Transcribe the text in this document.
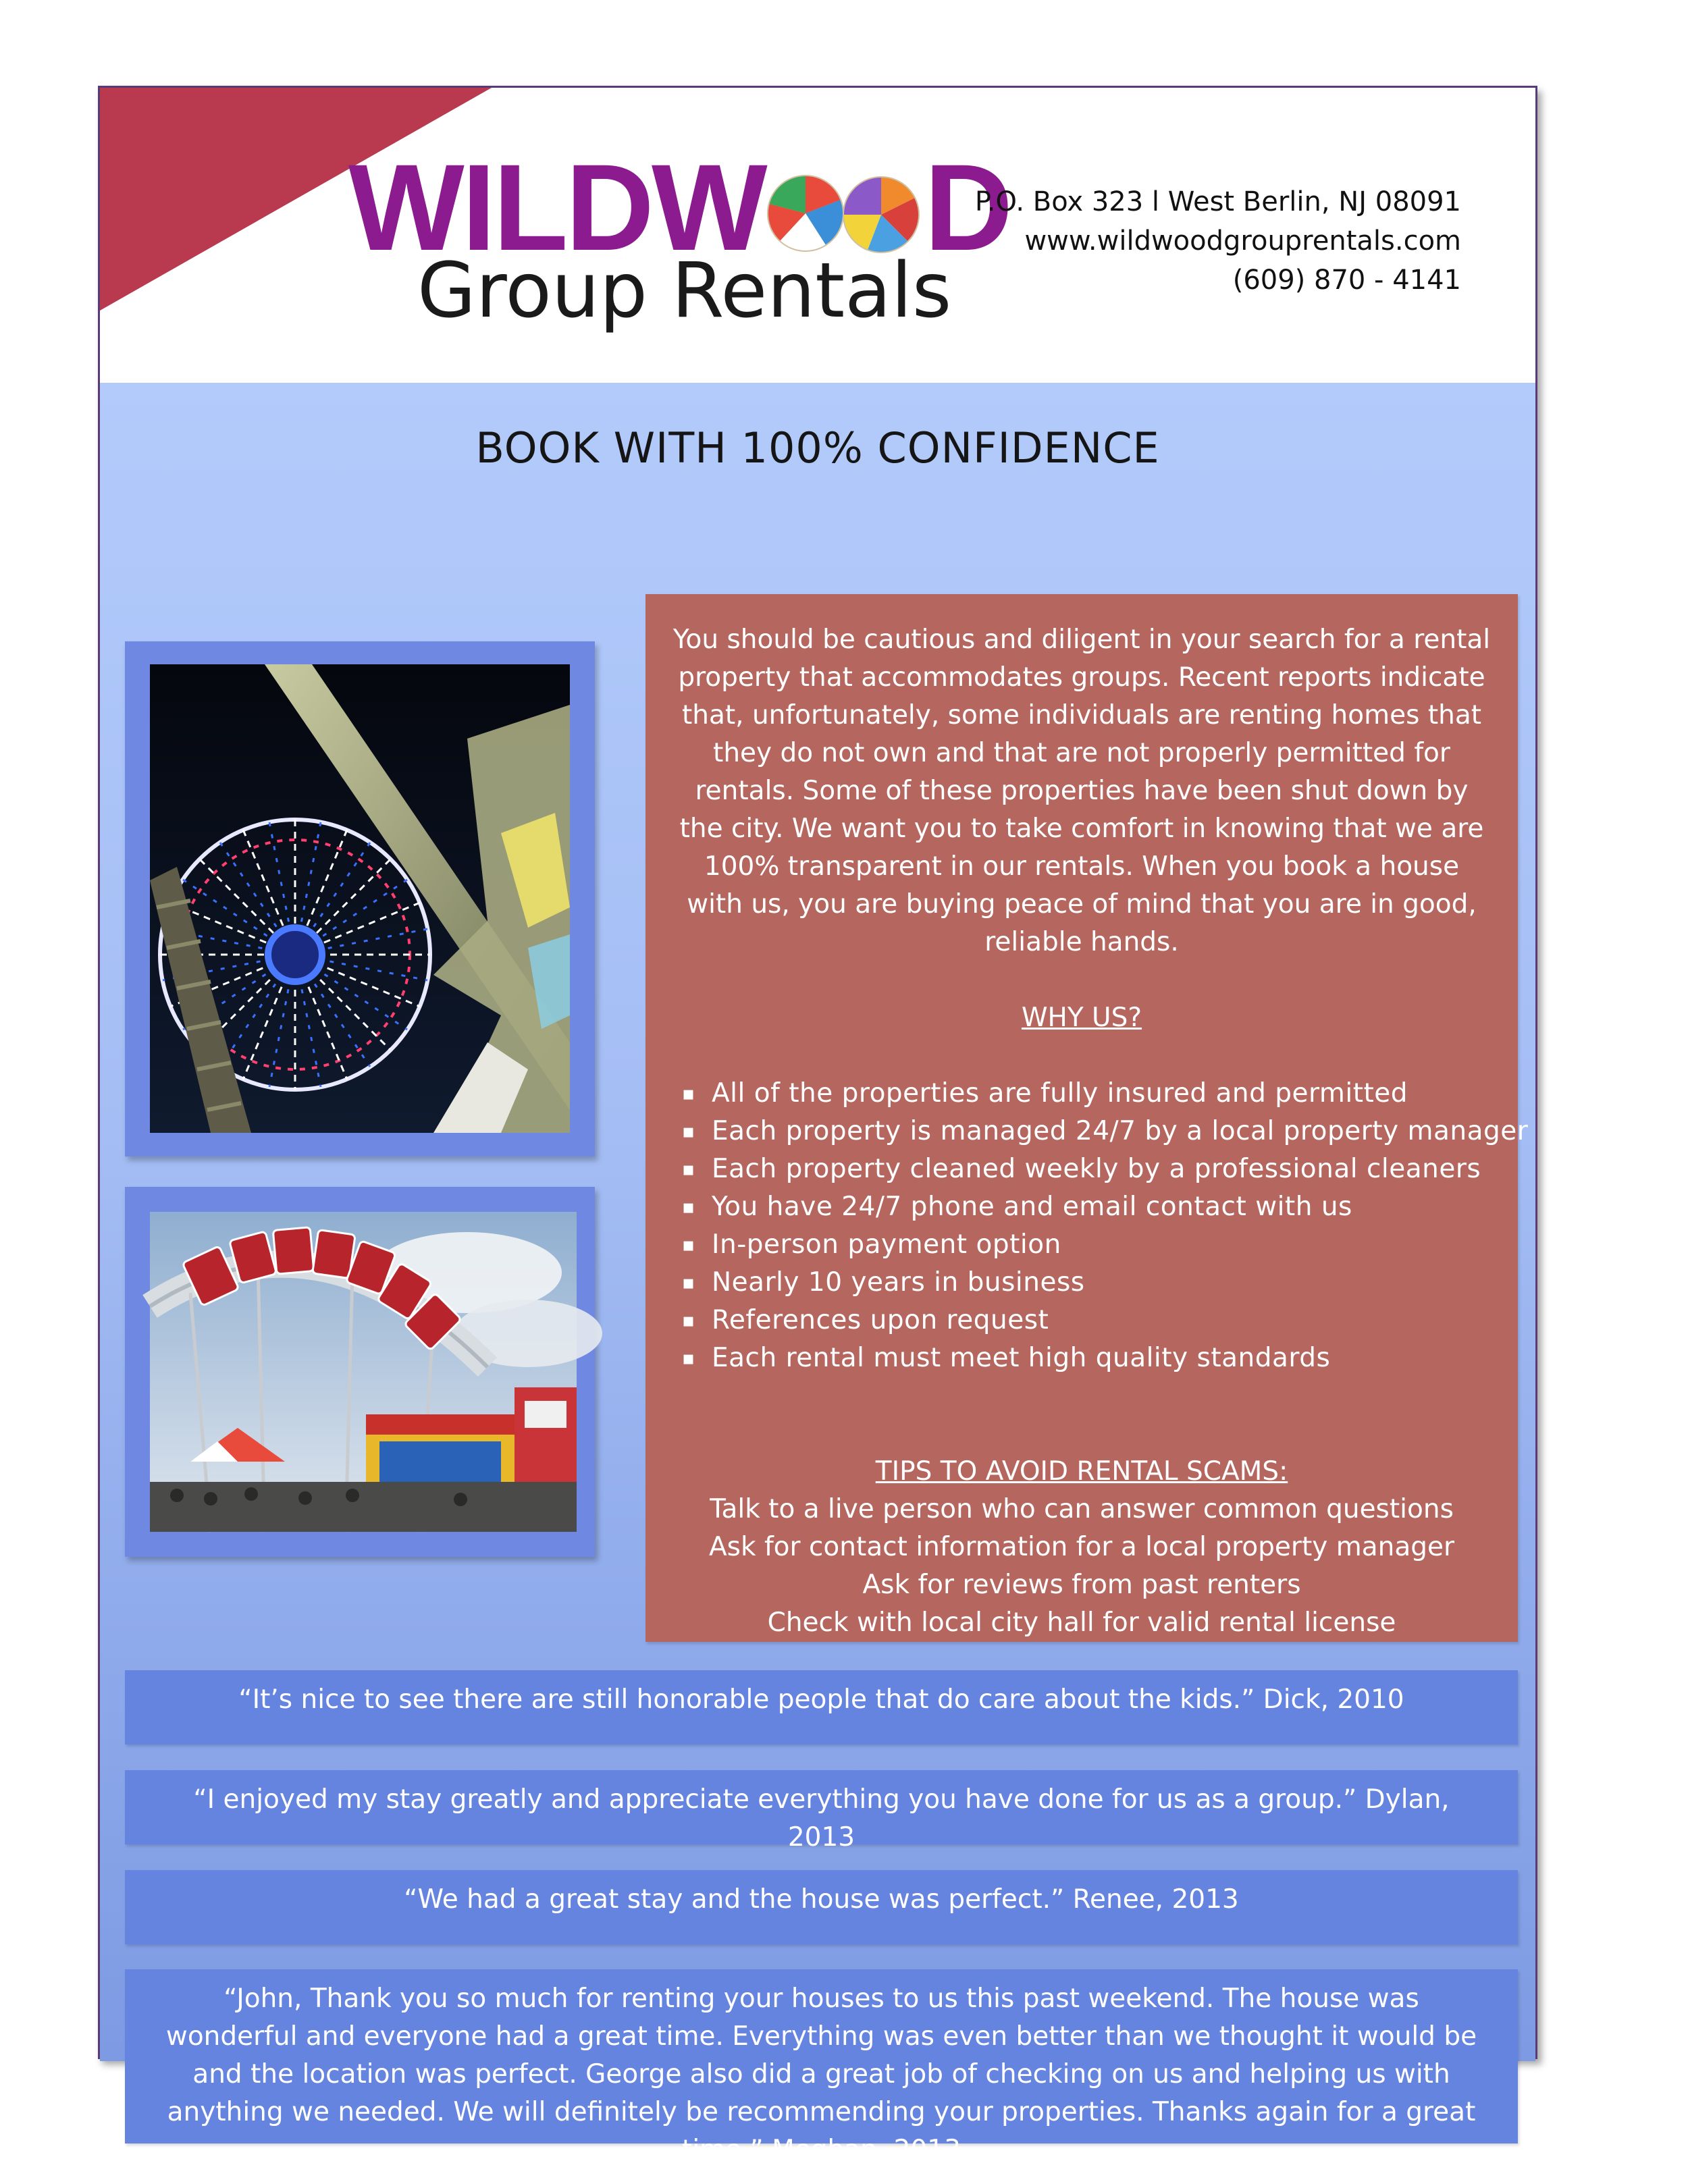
WILDW D
Group Rentals
P.O. Box 323 l West Berlin, NJ 08091
www.wildwoodgrouprentals.com
(609) 870 - 4141
BOOK WITH 100% CONFIDENCE

You should be cautious and diligent in your search for a rental property that accommodates groups. Recent reports indicate that, unfortunately, some individuals are renting homes that they do not own and that are not properly permitted for rentals. Some of these properties have been shut down by the city. We want you to take comfort in knowing that we are 100% transparent in our rentals. When you book a house with us, you are buying peace of mind that you are in good, reliable hands.

WHY US?
▪ All of the properties are fully insured and permitted
▪ Each property is managed 24/7 by a local property manager
▪ Each property cleaned weekly by a professional cleaners
▪ You have 24/7 phone and email contact with us
▪ In-person payment option
▪ Nearly 10 years in business
▪ References upon request
▪ Each rental must meet high quality standards
TIPS TO AVOID RENTAL SCAMS:
Talk to a live person who can answer common questions
Ask for contact information for a local property manager
Ask for reviews from past renters
Check with local city hall for valid rental license
“It’s nice to see there are still honorable people that do care about the kids.” Dick, 2010
“I enjoyed my stay greatly and appreciate everything you have done for us as a group.” Dylan, 2013
“We had a great stay and the house was perfect.” Renee, 2013
“John, Thank you so much for renting your houses to us this past weekend. The house was wonderful and everyone had a great time. Everything was even better than we thought it would be and the location was perfect. George also did a great job of checking on us and helping us with anything we needed. We will definitely be recommending your properties. Thanks again for a great time.” Meghan, 2013
